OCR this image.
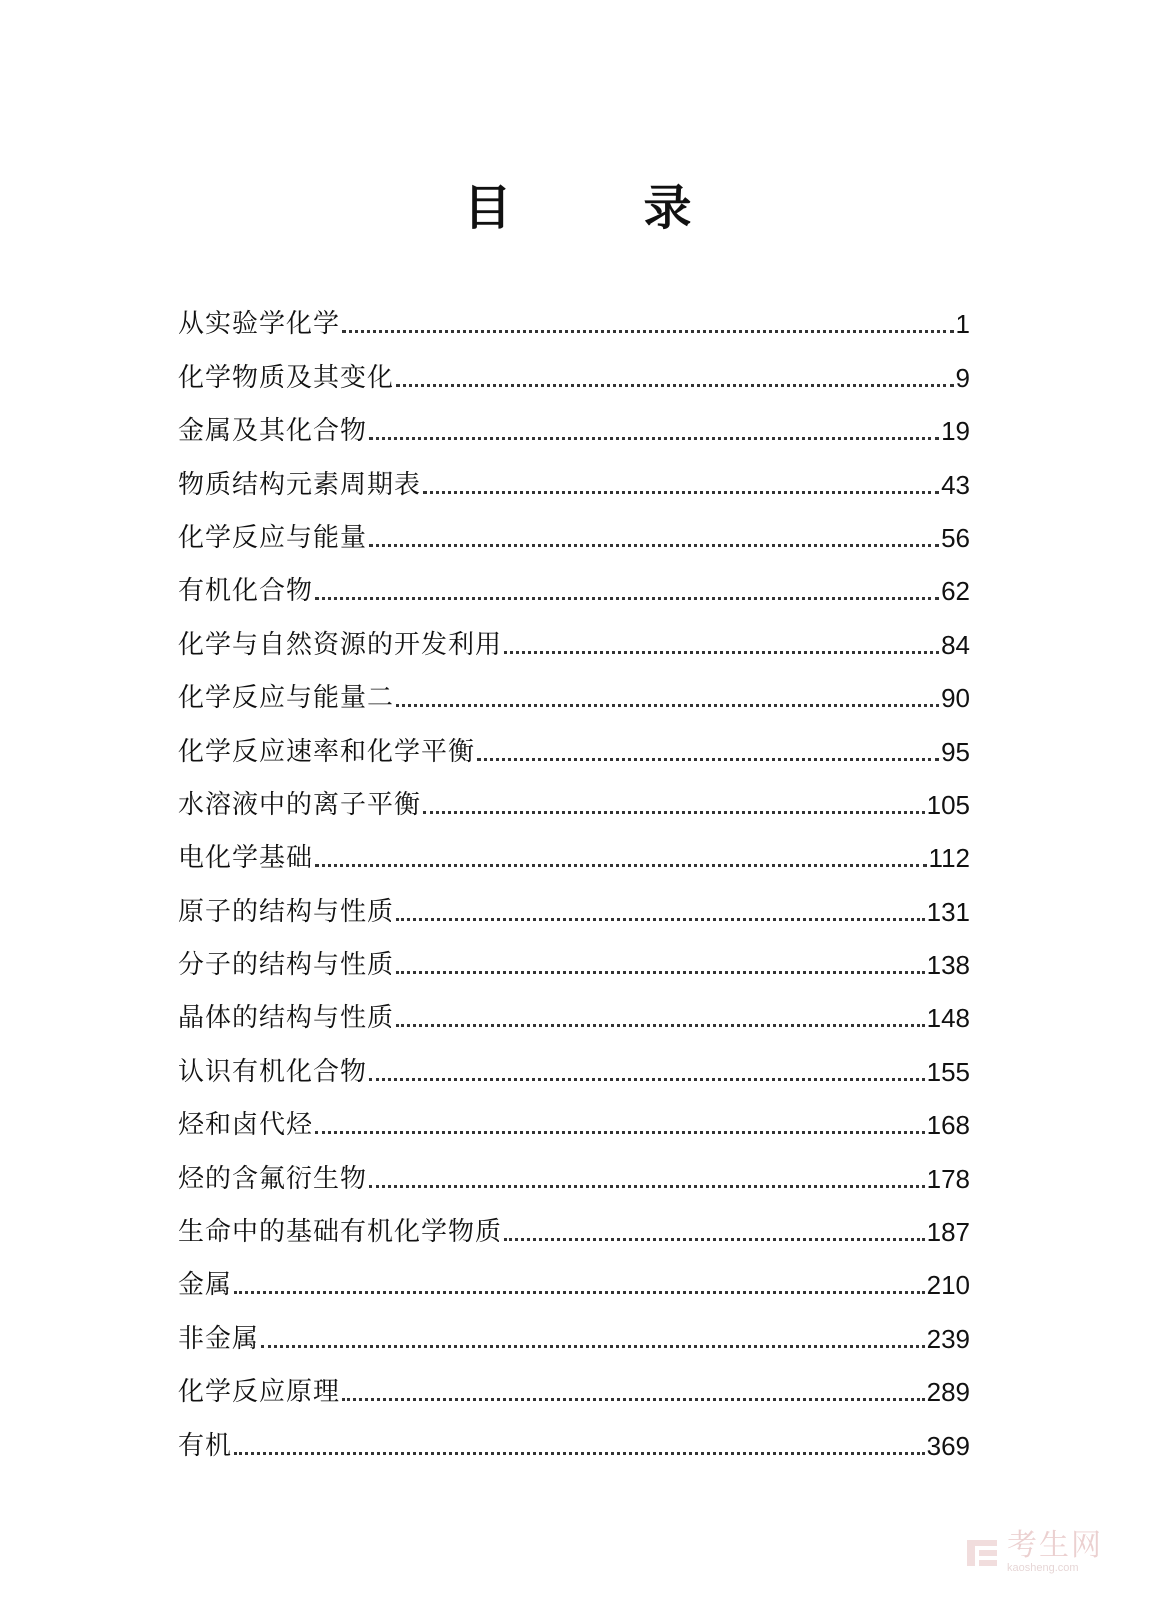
目　录
从实验学化学	1
化学物质及其变化	9
金属及其化合物	19
物质结构元素周期表	43
化学反应与能量	56
有机化合物	62
化学与自然资源的开发利用	84
化学反应与能量二	90
化学反应速率和化学平衡	95
水溶液中的离子平衡	105
电化学基础	112
原子的结构与性质	131
分子的结构与性质	138
晶体的结构与性质	148
认识有机化合物	155
烃和卤代烃	168
烃的含氟衍生物	178
生命中的基础有机化学物质	187
金属	210
非金属	239
化学反应原理	289
有机	369
考生网
kaosheng.com
